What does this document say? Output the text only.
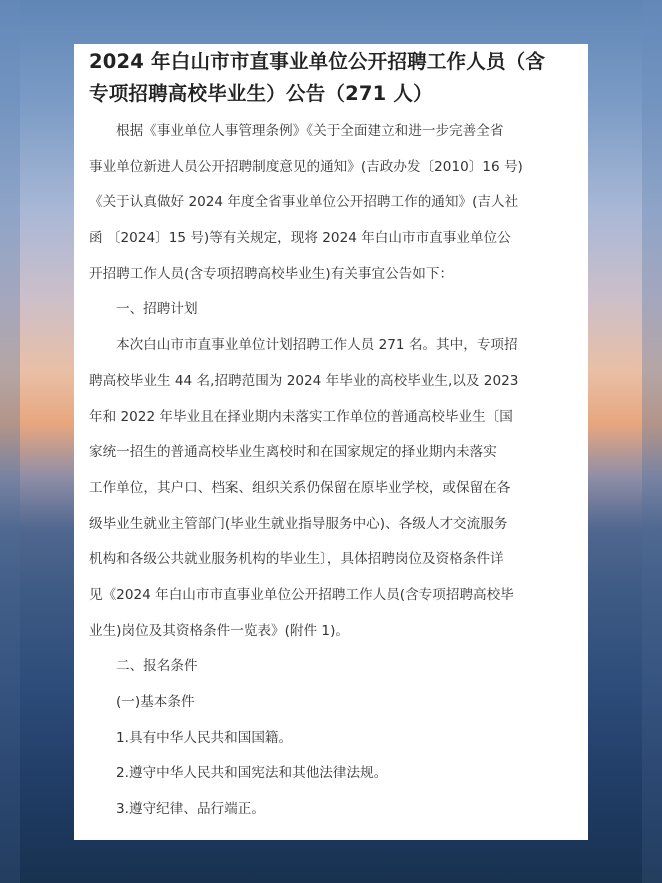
2024 年白山市市直事业单位公开招聘工作人员（含
专项招聘高校毕业生）公告（271 人）
根据《事业单位人事管理条例》《关于全面建立和进一步完善全省
事业单位新进人员公开招聘制度意见的通知》(吉政办发〔2010〕16 号)
《关于认真做好 2024 年度全省事业单位公开招聘工作的通知》(吉人社
函 〔2024〕15 号)等有关规定，现将 2024 年白山市市直事业单位公
开招聘工作人员(含专项招聘高校毕业生)有关事宜公告如下：
一、招聘计划
本次白山市市直事业单位计划招聘工作人员 271 名。其中，专项招
聘高校毕业生 44 名,招聘范围为 2024 年毕业的高校毕业生,以及 2023
年和 2022 年毕业且在择业期内未落实工作单位的普通高校毕业生〔国
家统一招生的普通高校毕业生离校时和在国家规定的择业期内未落实
工作单位，其户口、档案、组织关系仍保留在原毕业学校，或保留在各
级毕业生就业主管部门(毕业生就业指导服务中心)、各级人才交流服务
机构和各级公共就业服务机构的毕业生〕，具体招聘岗位及资格条件详
见《2024 年白山市市直事业单位公开招聘工作人员(含专项招聘高校毕
业生)岗位及其资格条件一览表》(附件 1)。
二、报名条件
(一)基本条件
1.具有中华人民共和国国籍。
2.遵守中华人民共和国宪法和其他法律法规。
3.遵守纪律、品行端正。
